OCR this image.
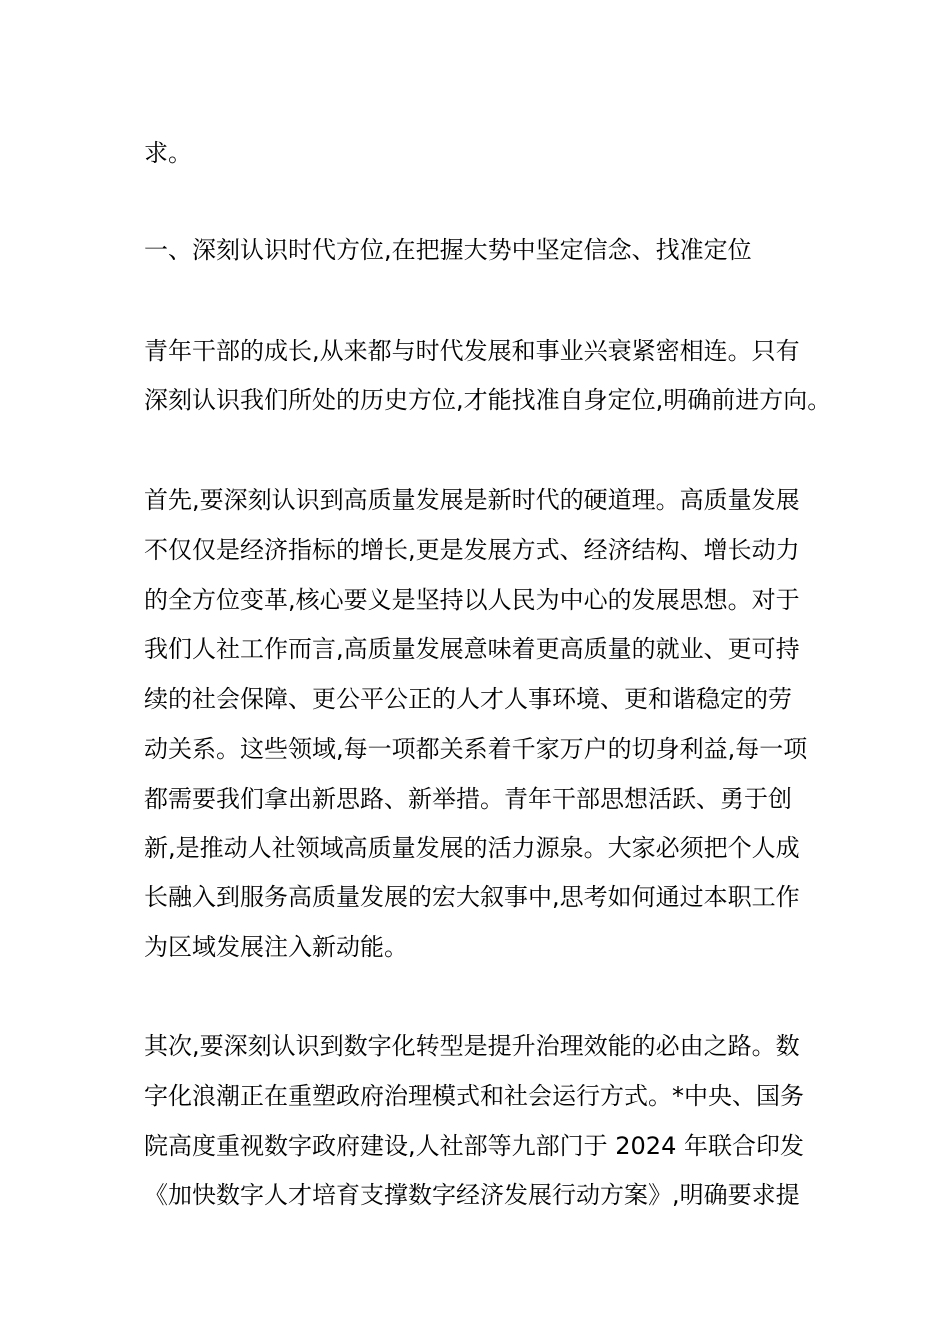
求。
一、深刻认识时代方位,在把握大势中坚定信念、找准定位
青年干部的成长,从来都与时代发展和事业兴衰紧密相连。只有
深刻认识我们所处的历史方位,才能找准自身定位,明确前进方向。
首先,要深刻认识到高质量发展是新时代的硬道理。高质量发展
不仅仅是经济指标的增长,更是发展方式、经济结构、增长动力
的全方位变革,核心要义是坚持以人民为中心的发展思想。对于
我们人社工作而言,高质量发展意味着更高质量的就业、更可持
续的社会保障、更公平公正的人才人事环境、更和谐稳定的劳
动关系。这些领域,每一项都关系着千家万户的切身利益,每一项
都需要我们拿出新思路、新举措。青年干部思想活跃、勇于创
新,是推动人社领域高质量发展的活力源泉。大家必须把个人成
长融入到服务高质量发展的宏大叙事中,思考如何通过本职工作
为区域发展注入新动能。
其次,要深刻认识到数字化转型是提升治理效能的必由之路。数
字化浪潮正在重塑政府治理模式和社会运行方式。*中央、国务
院高度重视数字政府建设,人社部等九部门于 2024 年联合印发
《加快数字人才培育支撑数字经济发展行动方案》,明确要求提
